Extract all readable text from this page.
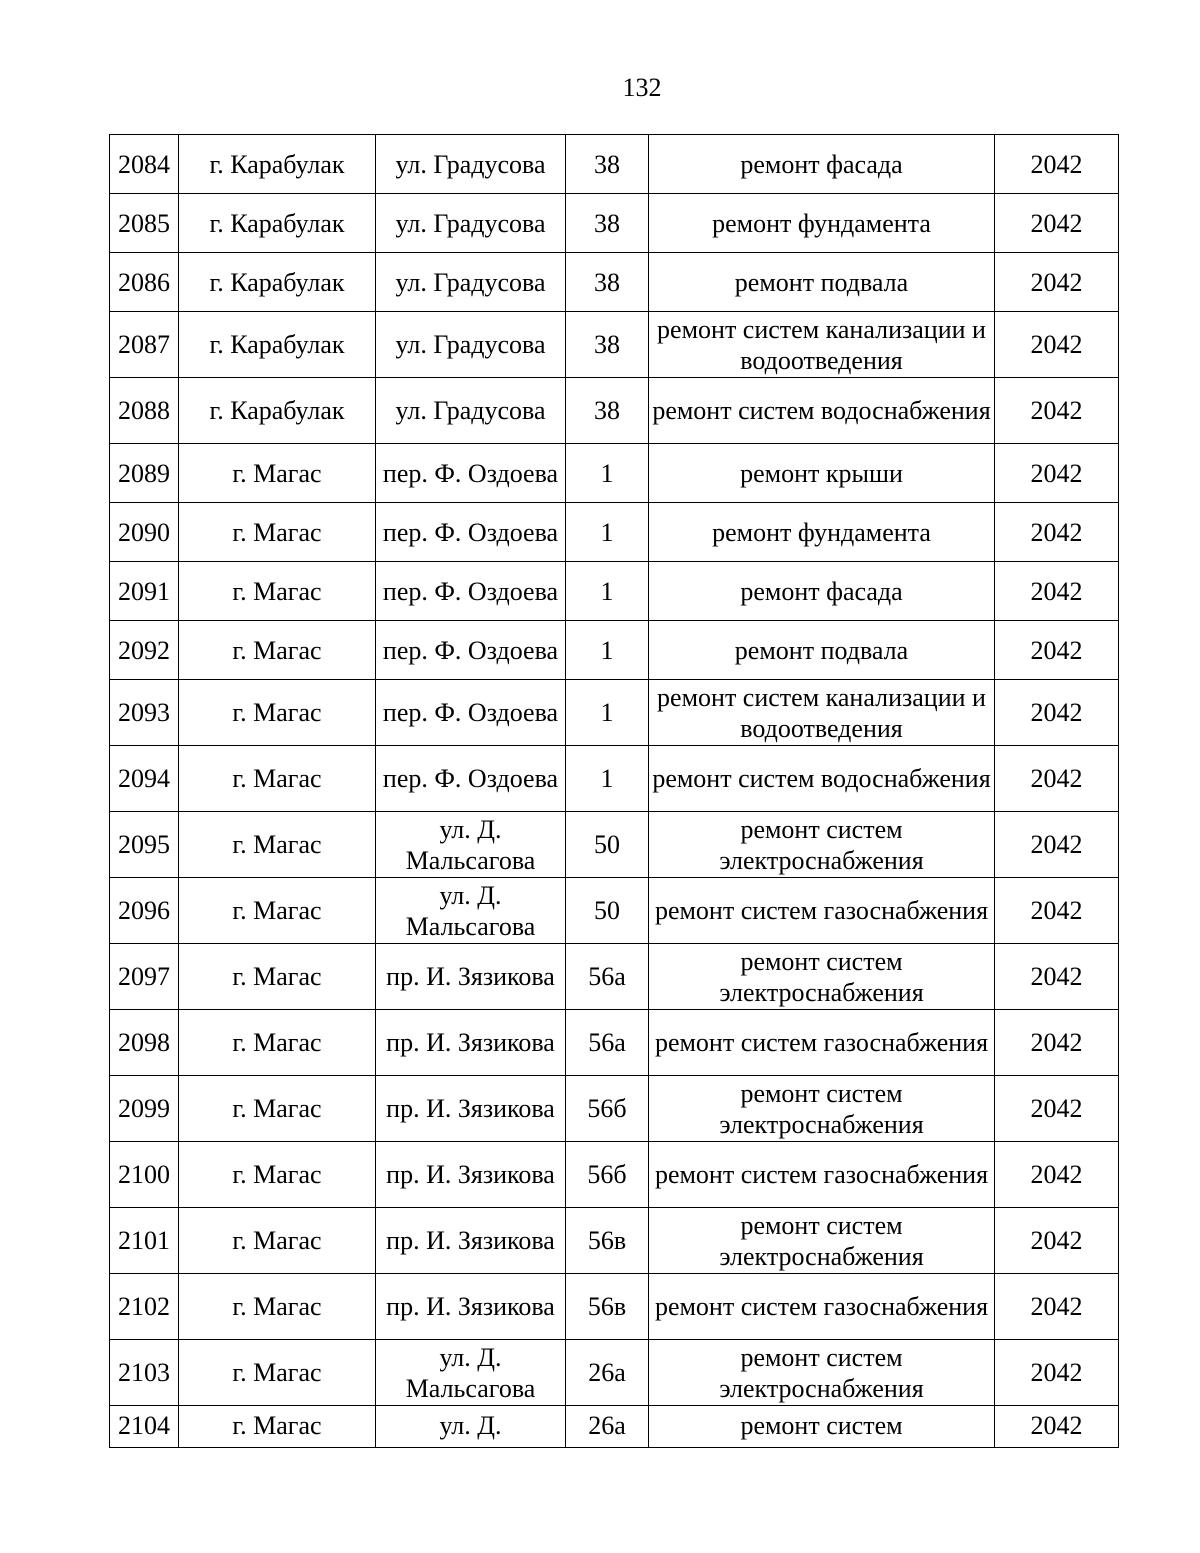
132
2084	г. Карабулак	ул. Градусова	38	ремонт фасада	2042
2085	г. Карабулак	ул. Градусова	38	ремонт фундамента	2042
2086	г. Карабулак	ул. Градусова	38	ремонт подвала	2042
2087	г. Карабулак	ул. Градусова	38	ремонт систем канализации и водоотведения	2042
2088	г. Карабулак	ул. Градусова	38	ремонт систем водоснабжения	2042
2089	г. Магас	пер. Ф. Оздоева	1	ремонт крыши	2042
2090	г. Магас	пер. Ф. Оздоева	1	ремонт фундамента	2042
2091	г. Магас	пер. Ф. Оздоева	1	ремонт фасада	2042
2092	г. Магас	пер. Ф. Оздоева	1	ремонт подвала	2042
2093	г. Магас	пер. Ф. Оздоева	1	ремонт систем канализации и водоотведения	2042
2094	г. Магас	пер. Ф. Оздоева	1	ремонт систем водоснабжения	2042
2095	г. Магас	ул. Д. Мальсагова	50	ремонт систем электроснабжения	2042
2096	г. Магас	ул. Д. Мальсагова	50	ремонт систем газоснабжения	2042
2097	г. Магас	пр. И. Зязикова	56а	ремонт систем электроснабжения	2042
2098	г. Магас	пр. И. Зязикова	56а	ремонт систем газоснабжения	2042
2099	г. Магас	пр. И. Зязикова	56б	ремонт систем электроснабжения	2042
2100	г. Магас	пр. И. Зязикова	56б	ремонт систем газоснабжения	2042
2101	г. Магас	пр. И. Зязикова	56в	ремонт систем электроснабжения	2042
2102	г. Магас	пр. И. Зязикова	56в	ремонт систем газоснабжения	2042
2103	г. Магас	ул. Д. Мальсагова	26а	ремонт систем электроснабжения	2042
2104	г. Магас	ул. Д.	26а	ремонт систем	2042
